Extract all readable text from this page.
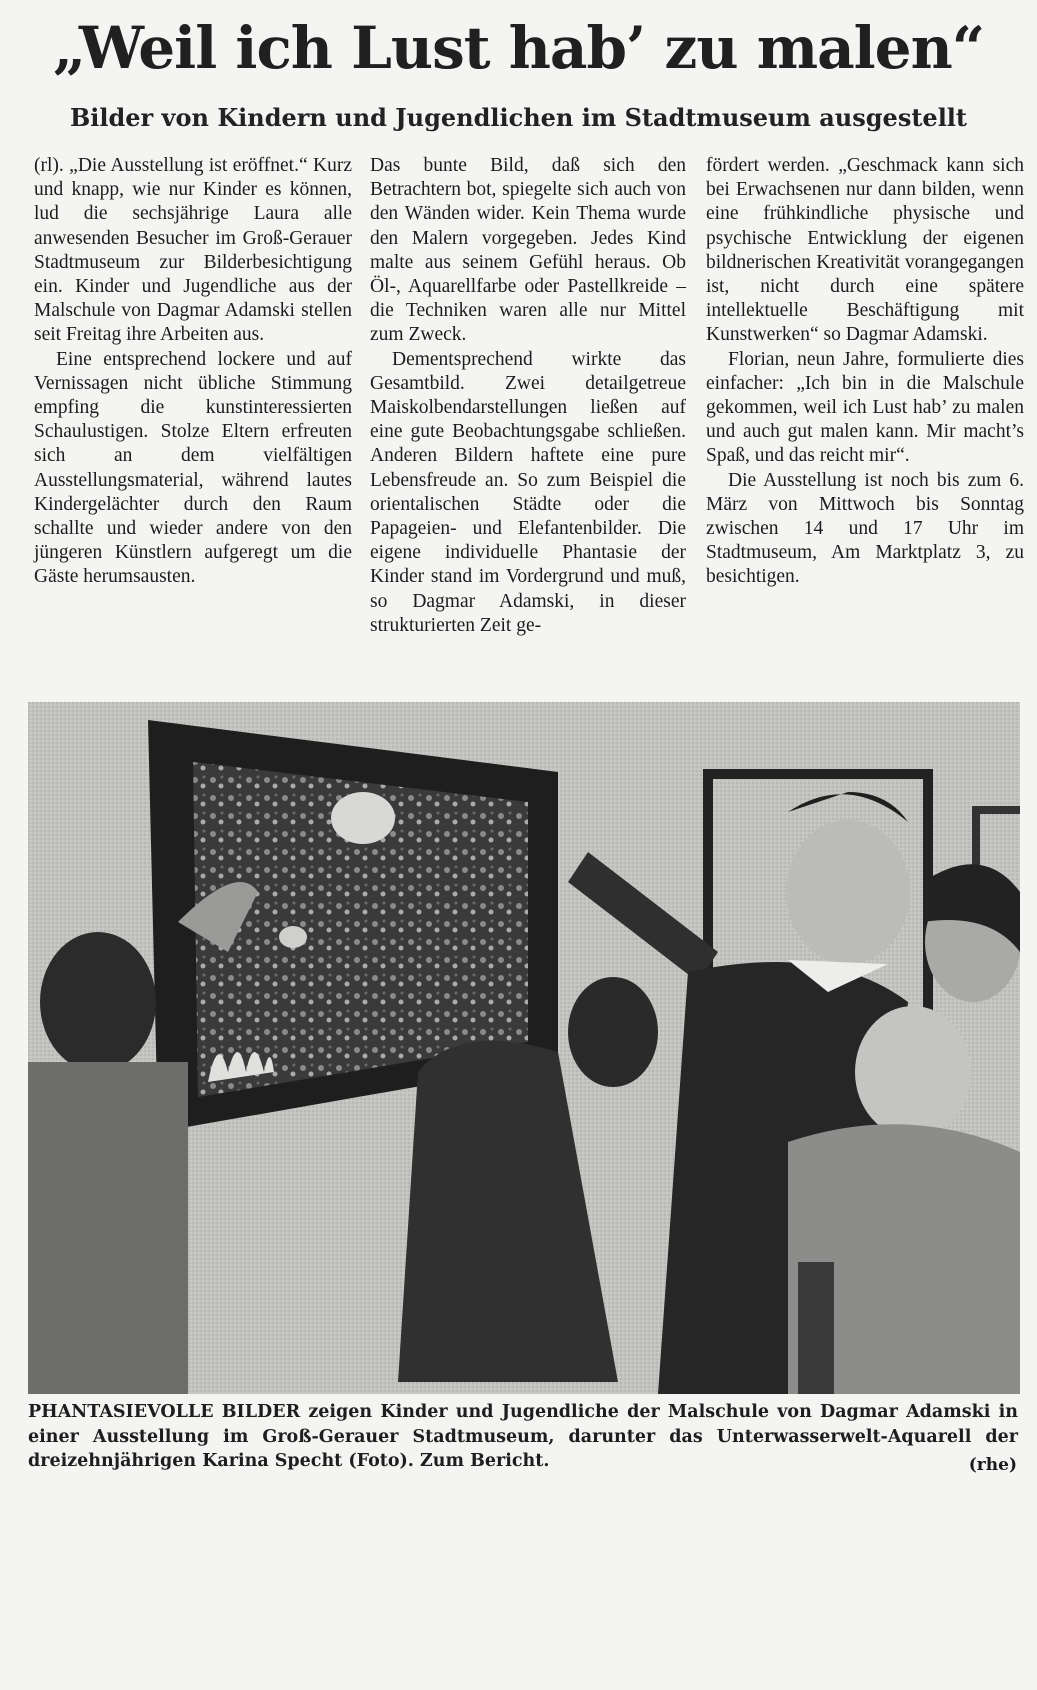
„Weil ich Lust hab’ zu malen“
Bilder von Kindern und Jugendlichen im Stadtmuseum ausgestellt

(rl). „Die Ausstellung ist eröffnet.“ Kurz und knapp, wie nur Kinder es können, lud die sechsjährige Laura alle anwesenden Besucher im Groß-Gerauer Stadtmuseum zur Bilderbesichtigung ein. Kinder und Jugendliche aus der Malschule von Dagmar Adamski stellen seit Freitag ihre Arbeiten aus.

Eine entsprechend lockere und auf Vernissagen nicht übliche Stimmung empfing die kunstinteressierten Schaulustigen. Stolze Eltern erfreuten sich an dem vielfältigen Ausstellungsmaterial, während lautes Kindergelächter durch den Raum schallte und wieder andere von den jüngeren Künstlern aufgeregt um die Gäste herumsausten.

Das bunte Bild, daß sich den Betrachtern bot, spiegelte sich auch von den Wänden wider. Kein Thema wurde den Malern vorgegeben. Jedes Kind malte aus seinem Gefühl heraus. Ob Öl-, Aquarellfarbe oder Pastellkreide – die Techniken waren alle nur Mittel zum Zweck.

Dementsprechend wirkte das Gesamtbild. Zwei detailgetreue Maiskolbendarstellungen ließen auf eine gute Beobachtungsgabe schließen. Anderen Bildern haftete eine pure Lebensfreude an. So zum Beispiel die orientalischen Städte oder die Papageien- und Elefantenbilder. Die eigene individuelle Phantasie der Kinder stand im Vordergrund und muß, so Dagmar Adamski, in dieser strukturierten Zeit ge-

fördert werden. „Geschmack kann sich bei Erwachsenen nur dann bilden, wenn eine frühkindliche physische und psychische Entwicklung der eigenen bildnerischen Kreativität vorangegangen ist, nicht durch eine spätere intellektuelle Beschäftigung mit Kunstwerken“ so Dagmar Adamski.

Florian, neun Jahre, formulierte dies einfacher: „Ich bin in die Malschule gekommen, weil ich Lust hab’ zu malen und auch gut malen kann. Mir macht’s Spaß, und das reicht mir“.

Die Ausstellung ist noch bis zum 6. März von Mittwoch bis Sonntag zwischen 14 und 17 Uhr im Stadtmuseum, Am Marktplatz 3, zu besichtigen.

PHANTASIEVOLLE BILDER zeigen Kinder und Jugendliche der Malschule von Dagmar Adamski in einer Ausstellung im Groß-Gerauer Stadtmuseum, darunter das Unterwasserwelt-Aquarell der dreizehnjährigen Karina Specht (Foto). Zum Bericht.	(rhe)
